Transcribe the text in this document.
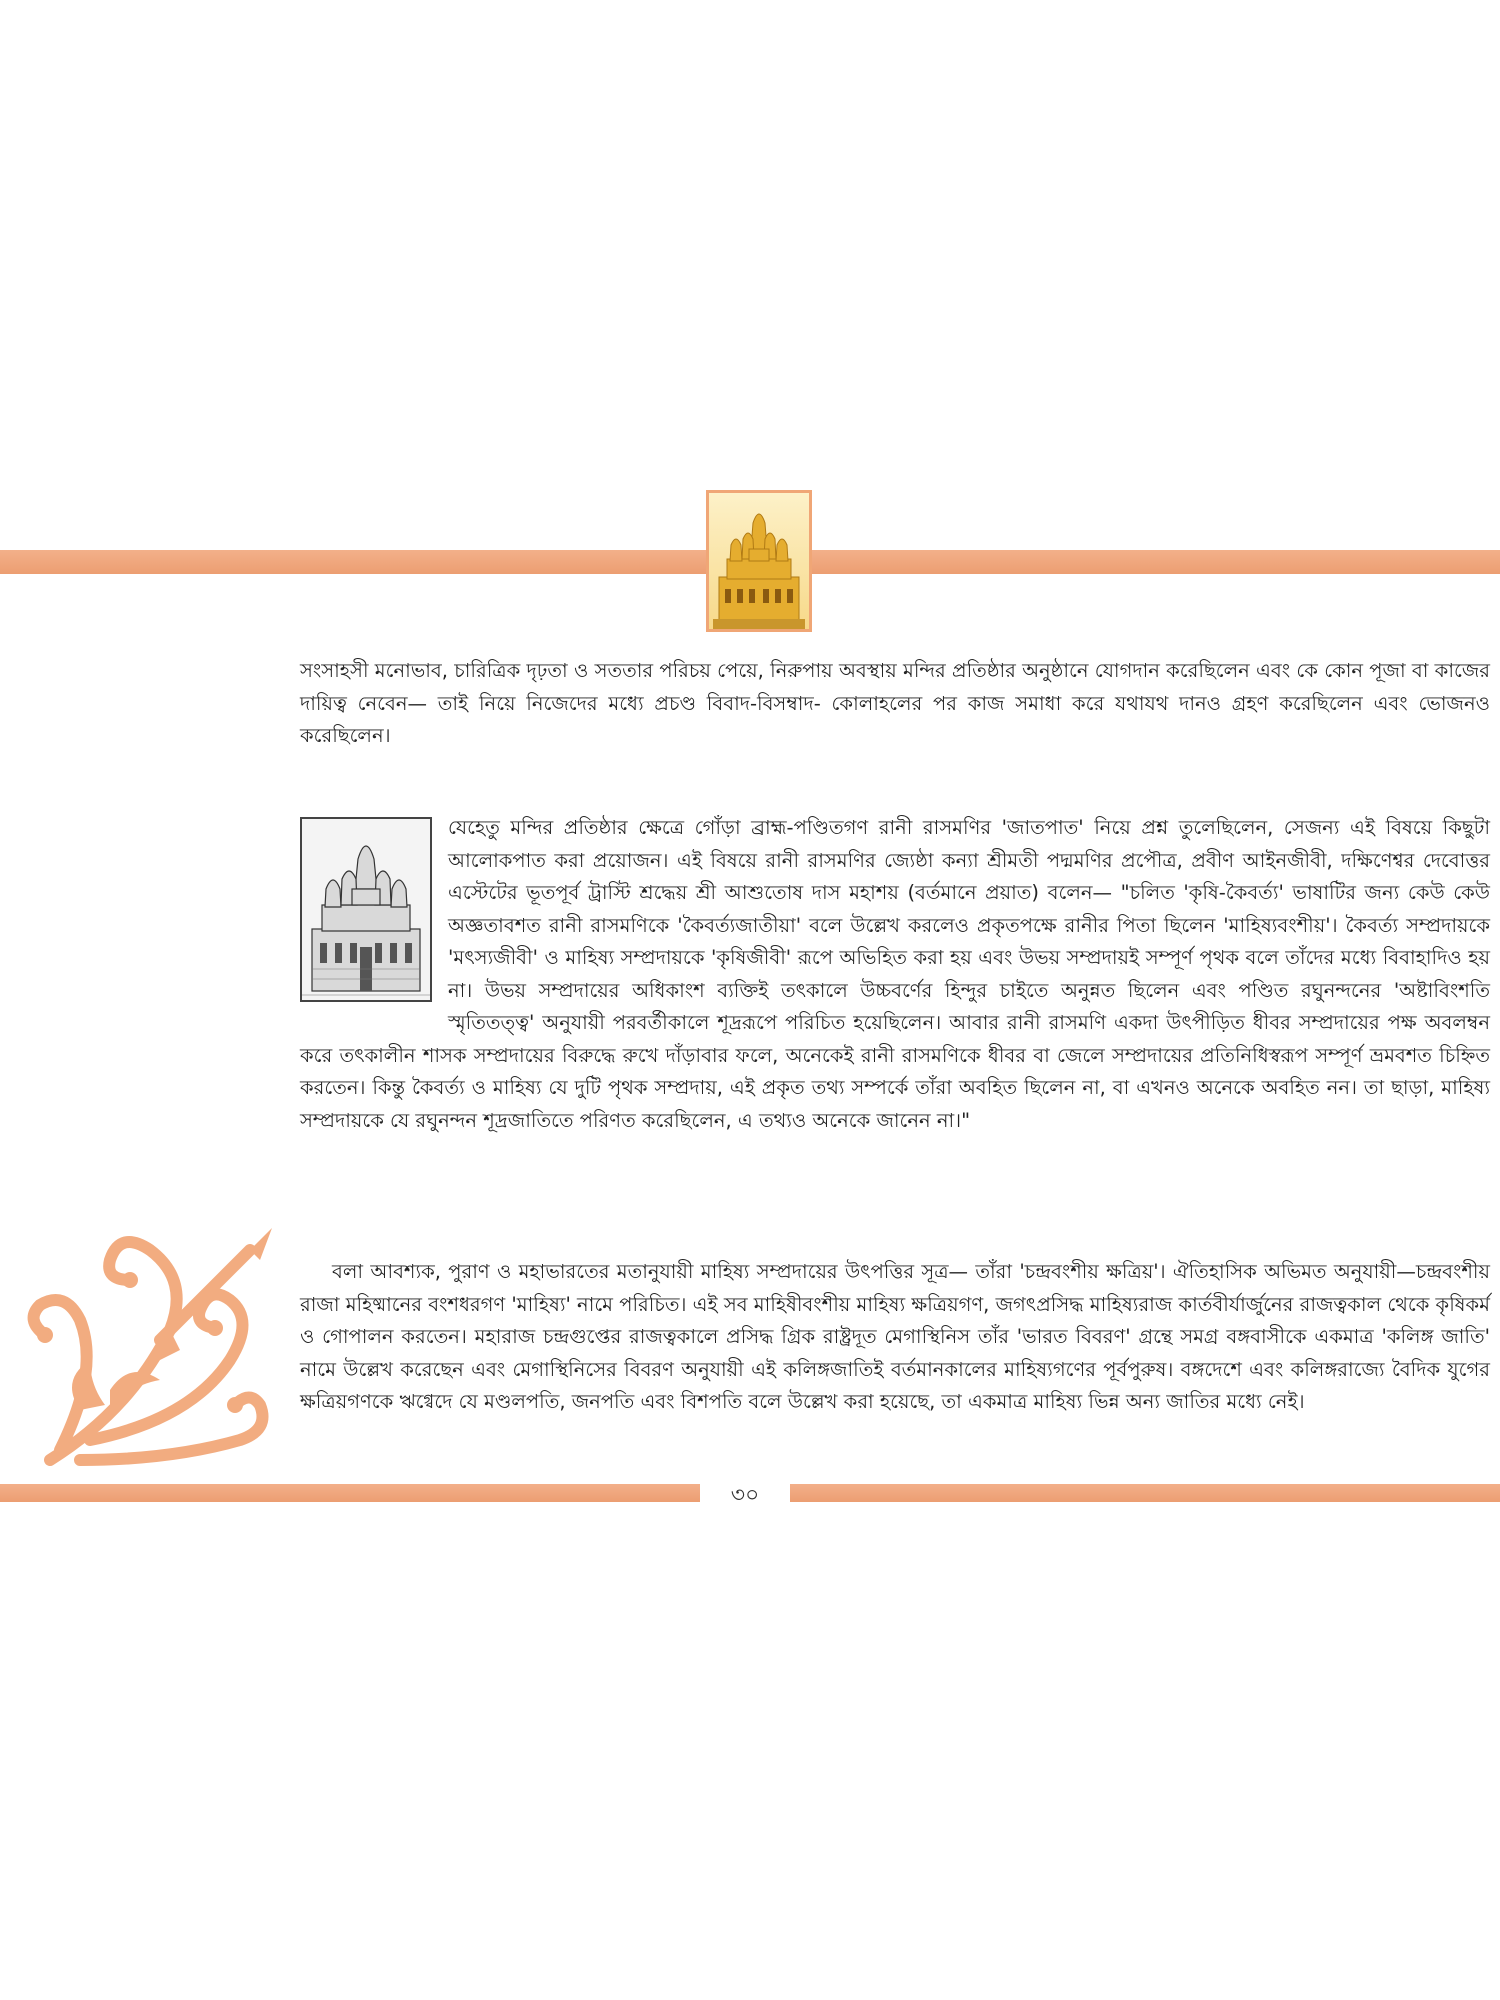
সংসাহসী মনোভাব, চারিত্রিক দৃঢ়তা ও সততার পরিচয় পেয়ে, নিরুপায় অবস্থায় মন্দির প্রতিষ্ঠার অনুষ্ঠানে যোগদান করেছিলেন এবং কে কোন পূজা বা কাজের দায়িত্ব নেবেন— তাই নিয়ে নিজেদের মধ্যে প্রচণ্ড বিবাদ-বিসম্বাদ- কোলাহলের পর কাজ সমাধা করে যথাযথ দানও গ্রহণ করেছিলেন এবং ভোজনও করেছিলেন।

যেহেতু মন্দির প্রতিষ্ঠার ক্ষেত্রে গোঁড়া ব্রাহ্ম-পণ্ডিতগণ রানী রাসমণির 'জাতপাত' নিয়ে প্রশ্ন তুলেছিলেন, সেজন্য এই বিষয়ে কিছুটা আলোকপাত করা প্রয়োজন। এই বিষয়ে রানী রাসমণির জ্যেষ্ঠা কন্যা শ্রীমতী পদ্মমণির প্রপৌত্র, প্রবীণ আইনজীবী, দক্ষিণেশ্বর দেবোত্তর এস্টেটের ভূতপূর্ব ট্রাস্টি শ্রদ্ধেয় শ্রী আশুতোষ দাস মহাশয় (বর্তমানে প্রয়াত) বলেন— "চলিত 'কৃষি-কৈবর্ত্য' ভাষাটির জন্য কেউ কেউ অজ্ঞতাবশত রানী রাসমণিকে 'কৈবর্ত্যজাতীয়া' বলে উল্লেখ করলেও প্রকৃতপক্ষে রানীর পিতা ছিলেন 'মাহিষ্যবংশীয়'। কৈবর্ত্য সম্প্রদায়কে 'মৎস্যজীবী' ও মাহিষ্য সম্প্রদায়কে 'কৃষিজীবী' রূপে অভিহিত করা হয় এবং উভয় সম্প্রদায়ই সম্পূর্ণ পৃথক বলে তাঁদের মধ্যে বিবাহাদিও হয় না। উভয় সম্প্রদায়ের অধিকাংশ ব্যক্তিই তৎকালে উচ্চবর্ণের হিন্দুর চাইতে অনুন্নত ছিলেন এবং পণ্ডিত রঘুনন্দনের 'অষ্টাবিংশতি স্মৃতিতত্ত্ব' অনুযায়ী পরবর্তীকালে শূদ্ররূপে পরিচিত হয়েছিলেন। আবার রানী রাসমণি একদা উৎপীড়িত ধীবর সম্প্রদায়ের পক্ষ অবলম্বন করে তৎকালীন শাসক সম্প্রদায়ের বিরুদ্ধে রুখে দাঁড়াবার ফলে, অনেকেই রানী রাসমণিকে ধীবর বা জেলে সম্প্রদায়ের প্রতিনিধিস্বরূপ সম্পূর্ণ ভ্রমবশত চিহ্নিত করতেন। কিন্তু কৈবর্ত্য ও মাহিষ্য যে দুটি পৃথক সম্প্রদায়, এই প্রকৃত তথ্য সম্পর্কে তাঁরা অবহিত ছিলেন না, বা এখনও অনেকে অবহিত নন। তা ছাড়া, মাহিষ্য সম্প্রদায়কে যে রঘুনন্দন শূদ্রজাতিতে পরিণত করেছিলেন, এ তথ্যও অনেকে জানেন না।"

বলা আবশ্যক, পুরাণ ও মহাভারতের মতানুযায়ী মাহিষ্য সম্প্রদায়ের উৎপত্তির সূত্র— তাঁরা 'চন্দ্রবংশীয় ক্ষত্রিয়'। ঐতিহাসিক অভিমত অনুযায়ী—চন্দ্রবংশীয় রাজা মহিষ্মানের বংশধরগণ 'মাহিষ্য' নামে পরিচিত। এই সব মাহিষীবংশীয় মাহিষ্য ক্ষত্রিয়গণ, জগৎপ্রসিদ্ধ মাহিষ্যরাজ কার্তবীর্যার্জুনের রাজত্বকাল থেকে কৃষিকর্ম ও গোপালন করতেন। মহারাজ চন্দ্রগুপ্তের রাজত্বকালে প্রসিদ্ধ গ্রিক রাষ্ট্রদূত মেগাস্থিনিস তাঁর 'ভারত বিবরণ' গ্রন্থে সমগ্র বঙ্গবাসীকে একমাত্র 'কলিঙ্গ জাতি' নামে উল্লেখ করেছেন এবং মেগাস্থিনিসের বিবরণ অনুযায়ী এই কলিঙ্গজাতিই বর্তমানকালের মাহিষ্যগণের পূর্বপুরুষ। বঙ্গদেশে এবং কলিঙ্গরাজ্যে বৈদিক যুগের ক্ষত্রিয়গণকে ঋগ্বেদে যে মণ্ডলপতি, জনপতি এবং বিশপতি বলে উল্লেখ করা হয়েছে, তা একমাত্র মাহিষ্য ভিন্ন অন্য জাতির মধ্যে নেই।

৩০
